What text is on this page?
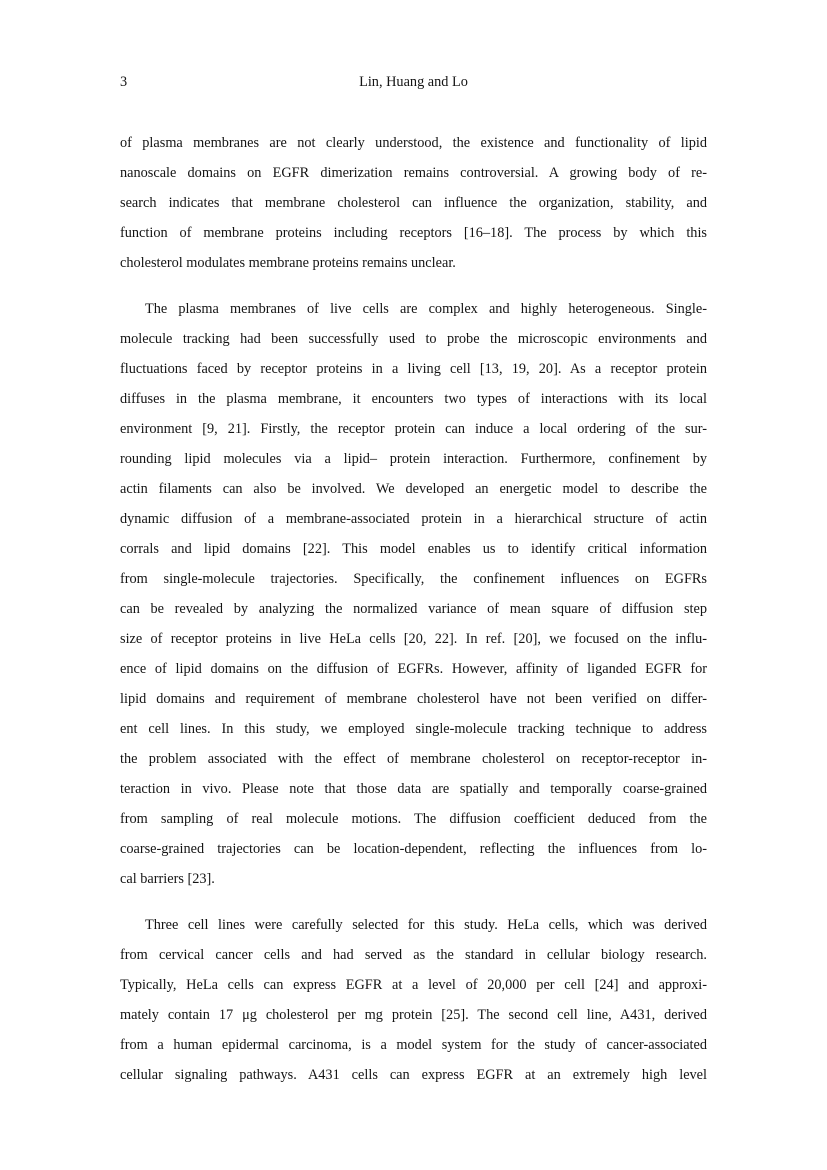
3	Lin, Huang and Lo
of plasma membranes are not clearly understood, the existence and functionality of lipid
nanoscale domains on EGFR dimerization remains controversial. A growing body of re-
search indicates that membrane cholesterol can influence the organization, stability, and
function of membrane proteins including receptors [16–18]. The process by which this
cholesterol modulates membrane proteins remains unclear.
The plasma membranes of live cells are complex and highly heterogeneous. Single-
molecule tracking had been successfully used to probe the microscopic environments and
fluctuations faced by receptor proteins in a living cell [13, 19, 20]. As a receptor protein
diffuses in the plasma membrane, it encounters two types of interactions with its local
environment [9, 21]. Firstly, the receptor protein can induce a local ordering of the sur-
rounding lipid molecules via a lipid– protein interaction. Furthermore, confinement by
actin filaments can also be involved. We developed an energetic model to describe the
dynamic diffusion of a membrane-associated protein in a hierarchical structure of actin
corrals and lipid domains [22]. This model enables us to identify critical information
from single-molecule trajectories. Specifically, the confinement influences on EGFRs
can be revealed by analyzing the normalized variance of mean square of diffusion step
size of receptor proteins in live HeLa cells [20, 22]. In ref. [20], we focused on the influ-
ence of lipid domains on the diffusion of EGFRs. However, affinity of liganded EGFR for
lipid domains and requirement of membrane cholesterol have not been verified on differ-
ent cell lines. In this study, we employed single-molecule tracking technique to address
the problem associated with the effect of membrane cholesterol on receptor-receptor in-
teraction in vivo. Please note that those data are spatially and temporally coarse-grained
from sampling of real molecule motions. The diffusion coefficient deduced from the
coarse-grained trajectories can be location-dependent, reflecting the influences from lo-
cal barriers [23].
Three cell lines were carefully selected for this study. HeLa cells, which was derived
from cervical cancer cells and had served as the standard in cellular biology research.
Typically, HeLa cells can express EGFR at a level of 20,000 per cell [24] and approxi-
mately contain 17 μg cholesterol per mg protein [25]. The second cell line, A431, derived
from a human epidermal carcinoma, is a model system for the study of cancer-associated
cellular signaling pathways. A431 cells can express EGFR at an extremely high level
